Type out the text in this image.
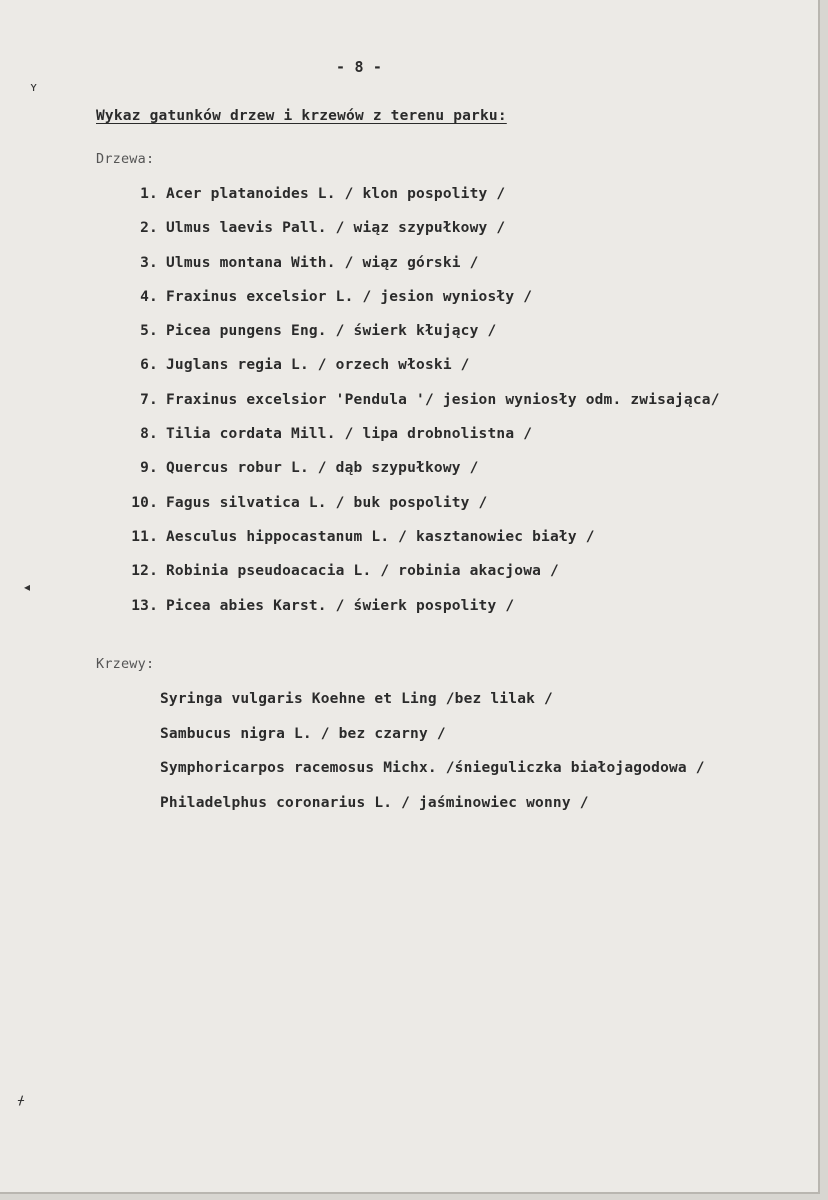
ʏ
◂
ᚋ
- 8 -
Wykaz gatunków drzew i krzewów z terenu parku:
Drzewa:
1. Acer platanoides L. / klon pospolity /
2. Ulmus laevis Pall. / wiąz szypułkowy /
3. Ulmus montana With. / wiąz górski /
4. Fraxinus excelsior L. / jesion wyniosły /
5. Picea pungens Eng. / świerk kłujący /
6. Juglans regia L. / orzech włoski /
7. Fraxinus excelsior 'Pendula '/ jesion wyniosły odm. zwisająca/
8. Tilia cordata Mill. / lipa drobnolistna /
9. Quercus robur L. / dąb szypułkowy /
10. Fagus silvatica L. / buk pospolity /
11. Aesculus hippocastanum L. / kasztanowiec biały /
12. Robinia pseudoacacia L. / robinia akacjowa /
13. Picea abies Karst. / świerk pospolity /
Krzewy:
Syringa vulgaris Koehne et Ling /bez lilak /
Sambucus nigra L. / bez czarny /
Symphoricarpos racemosus Michx. /śnieguliczka białojagodowa /
Philadelphus coronarius L. / jaśminowiec wonny /
